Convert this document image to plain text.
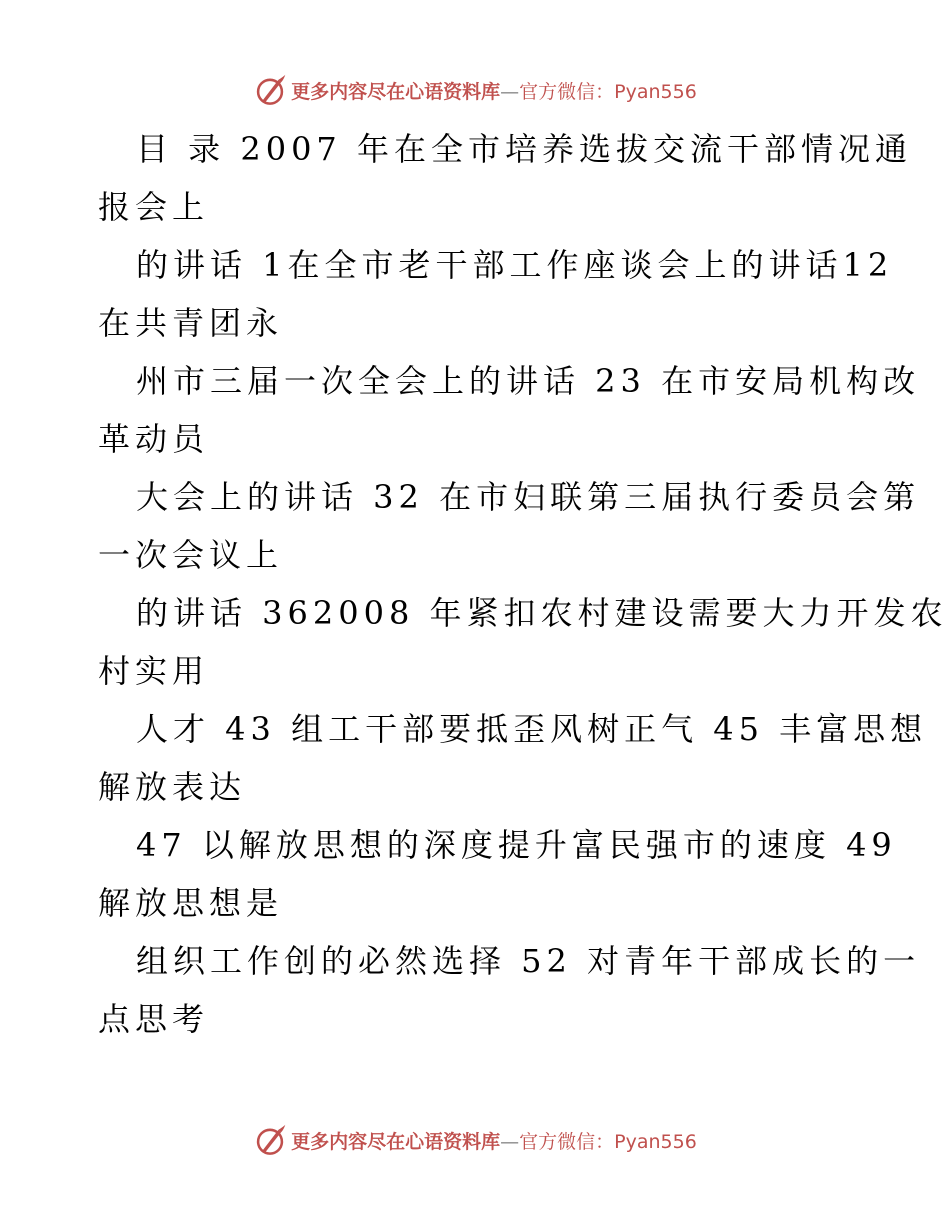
更多内容尽在心语资料库—官方微信：Pyan556
目 录 2007 年在全市培养选拔交流干部情况通
报会上
的讲话 1在全市老干部工作座谈会上的讲话12
在共青团永
州市三届一次全会上的讲话 23 在市安局机构改
革动员
大会上的讲话 32 在市妇联第三届执行委员会第
一次会议上
的讲话 362008 年紧扣农村建设需要大力开发农
村实用
人才 43 组工干部要抵歪风树正气 45 丰富思想
解放表达
47 以解放思想的深度提升富民强市的速度 49
解放思想是
组织工作创的必然选择 52 对青年干部成长的一
点思考
更多内容尽在心语资料库—官方微信：Pyan556
